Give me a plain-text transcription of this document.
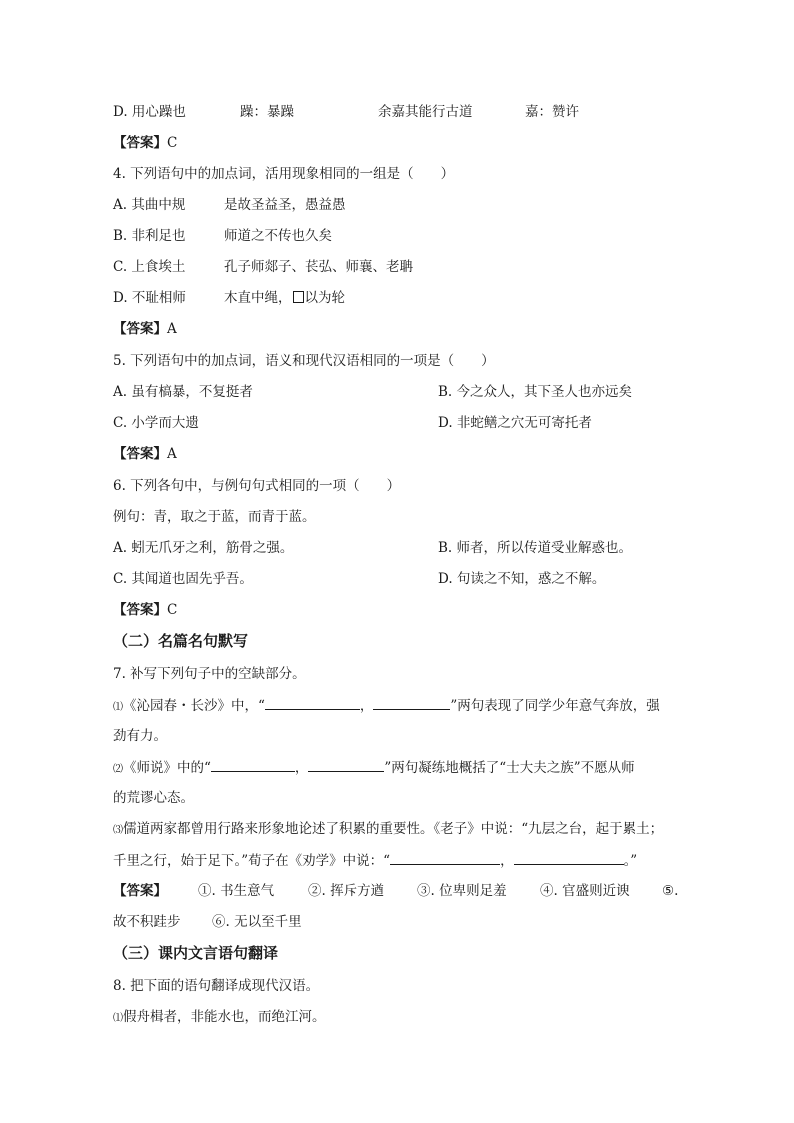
D. 用心躁也	躁：暴躁	余嘉其能行古道	嘉：赞许
【答案】C
4. 下列语句中的加点词，活用现象相同的一组是（　　）
A. 其曲中规	是故圣益圣，愚益愚
B. 非利足也	师道之不传也久矣
C. 上食埃土	孔子师郯子、苌弘、师襄、老聃
D. 不耻相师	木直中绳， 以为轮
【答案】A
5. 下列语句中的加点词，语义和现代汉语相同的一项是（　　）
A. 虽有槁暴，不复挺者	B. 今之众人，其下圣人也亦远矣
C. 小学而大遗	D. 非蛇鳝之穴无可寄托者
【答案】A
6. 下列各句中，与例句句式相同的一项（　　）
例句：青，取之于蓝，而青于蓝。
A. 蚓无爪牙之利，筋骨之强。	B. 师者，所以传道受业解惑也。
C. 其闻道也固先乎吾。	D. 句读之不知，惑之不解。
【答案】C
（二）名篇名句默写
7. 补写下列句子中的空缺部分。
⑴《沁园春・长沙》中，“	，	”两句表现了同学少年意气奔放，强
劲有力。
⑵《师说》中的“	，	”两句凝练地概括了“士大夫之族”不愿从师
的荒谬心态。
⑶儒道两家都曾用行路来形象地论述了积累的重要性。《老子》中说：“九层之台，起于累土；
千里之行，始于足下。”荀子在《劝学》中说：“	，	。”
【答案】 ①. 书生意气	②. 挥斥方遒 ③. 位卑则足羞 ④. 官盛则近谀 ⑤.
故不积跬步 ⑥. 无以至千里
（三）课内文言语句翻译
8. 把下面的语句翻译成现代汉语。
⑴假舟楫者，非能水也，而绝江河。
